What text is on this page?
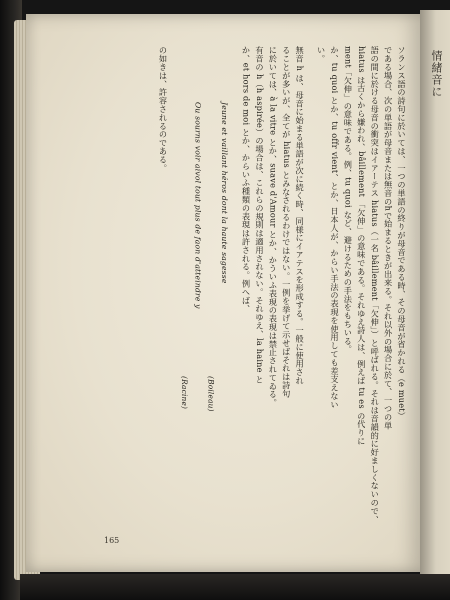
情緒音に
ソランス語の詩句に於いては、一つの単語の終りが母音である時、その母音が省かれる（e muet）
である場合、次の単語が母音または無音のhで始まるときが出来る。それ以外の場合に於て、一つの単
語の間に於ける母音の衝突はイアーテス hiatus（一名 bâillement「欠伸」）と呼ばれる。それは音韻的に好ましくないので、
hiatus は古くから嫌われ、bâillement 「欠伸」の意味である。それゆえ詩人は、例えば tu es の代りに
ment「欠伸」の意味である。例、tu quoi など、避けるための手法をもちいる。
か、tu quoi とか、tu offr vient、とか、日本人が、からい手法の表現を使用しても差支えない
い。
無音 h は、母音に始まる単語が次に続く時、同様にイアテスを形成する。一般に使用され
ることが多いが、全てが hiatus とみなされるわけではない。一例を挙げて示せばそれは詩句
に於いては、à la vitre とか、suave d'Amour とか、かういふ表現の表現は禁止されてゐる。
有音の h（h aspirée）の場合は、これらの規則は適用されない。それゆえ、la haine と
か、et hors de moi とか、からいふ種類の表現は許される。例へば、
Jeune et vaillant héros dont la haute sagesse
(Boileau)
Ou sourns voir aivol tout plus de faon d'atteindre y
(Racine)
の如きは、許容されるのである。
165
